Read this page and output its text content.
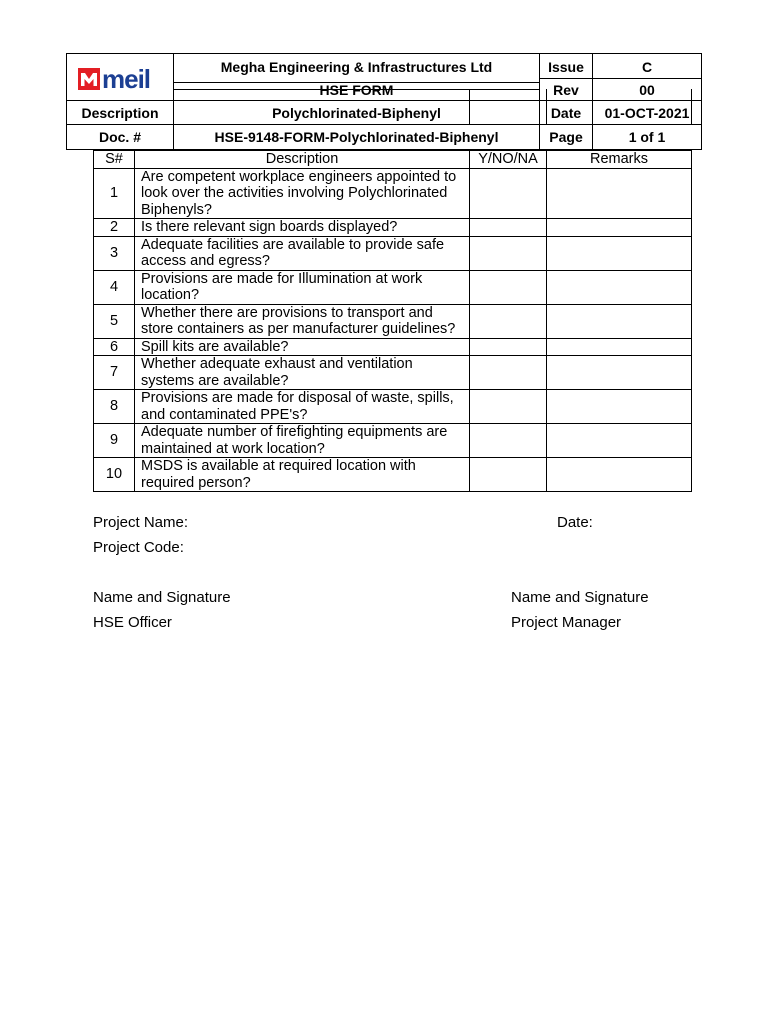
meil	Megha Engineering & Infrastructures Ltd
HSE FORM
Description	Polychlorinated-Biphenyl
Doc. #	HSE-9148-FORM-Polychlorinated-Biphenyl
Issue	C
Rev	00
Date	01-OCT-2021
Page	1 of 1
S#	Description	Y/NO/NA	Remarks
1	Are competent workplace engineers appointed to look over the activities involving Polychlorinated Biphenyls?		
2	Is there relevant sign boards displayed?		
3	Adequate facilities are available to provide safe access and egress?		
4	Provisions are made for Illumination at work location?		
5	Whether there are provisions to transport and store containers as per manufacturer guidelines?		
6	Spill kits are available?		
7	Whether adequate exhaust and ventilation systems are available?		
8	Provisions are made for disposal of waste, spills, and contaminated PPE's?		
9	Adequate number of firefighting equipments are maintained at work location?		
10	MSDS is available at required location with required person?		
Project Name:	Date:
Project Code:
Name and Signature
HSE Officer
Name and Signature
Project Manager
